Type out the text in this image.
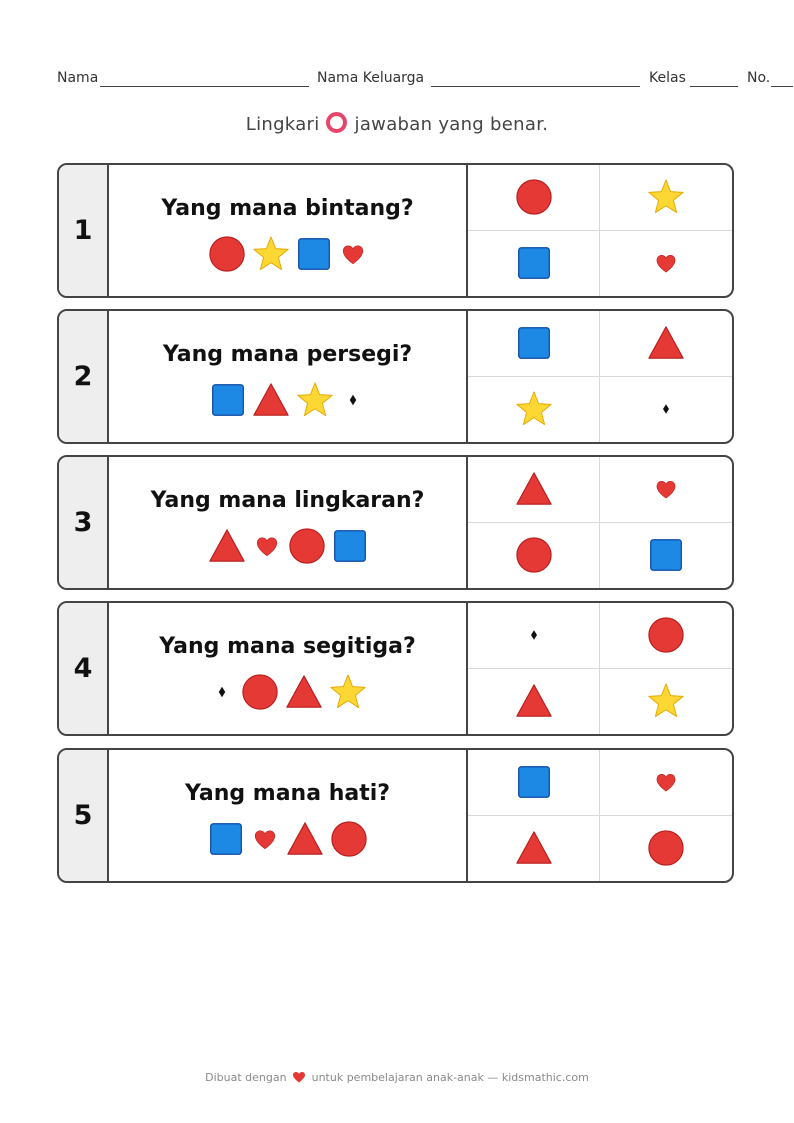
Nama	Nama Keluarga	Kelas	No.
Lingkari jawaban yang benar.
1
Yang mana bintang?
2
Yang mana persegi?
3
Yang mana lingkaran?
4
Yang mana segitiga?
5
Yang mana hati?
Dibuat dengan untuk pembelajaran anak-anak — kidsmathic.com
